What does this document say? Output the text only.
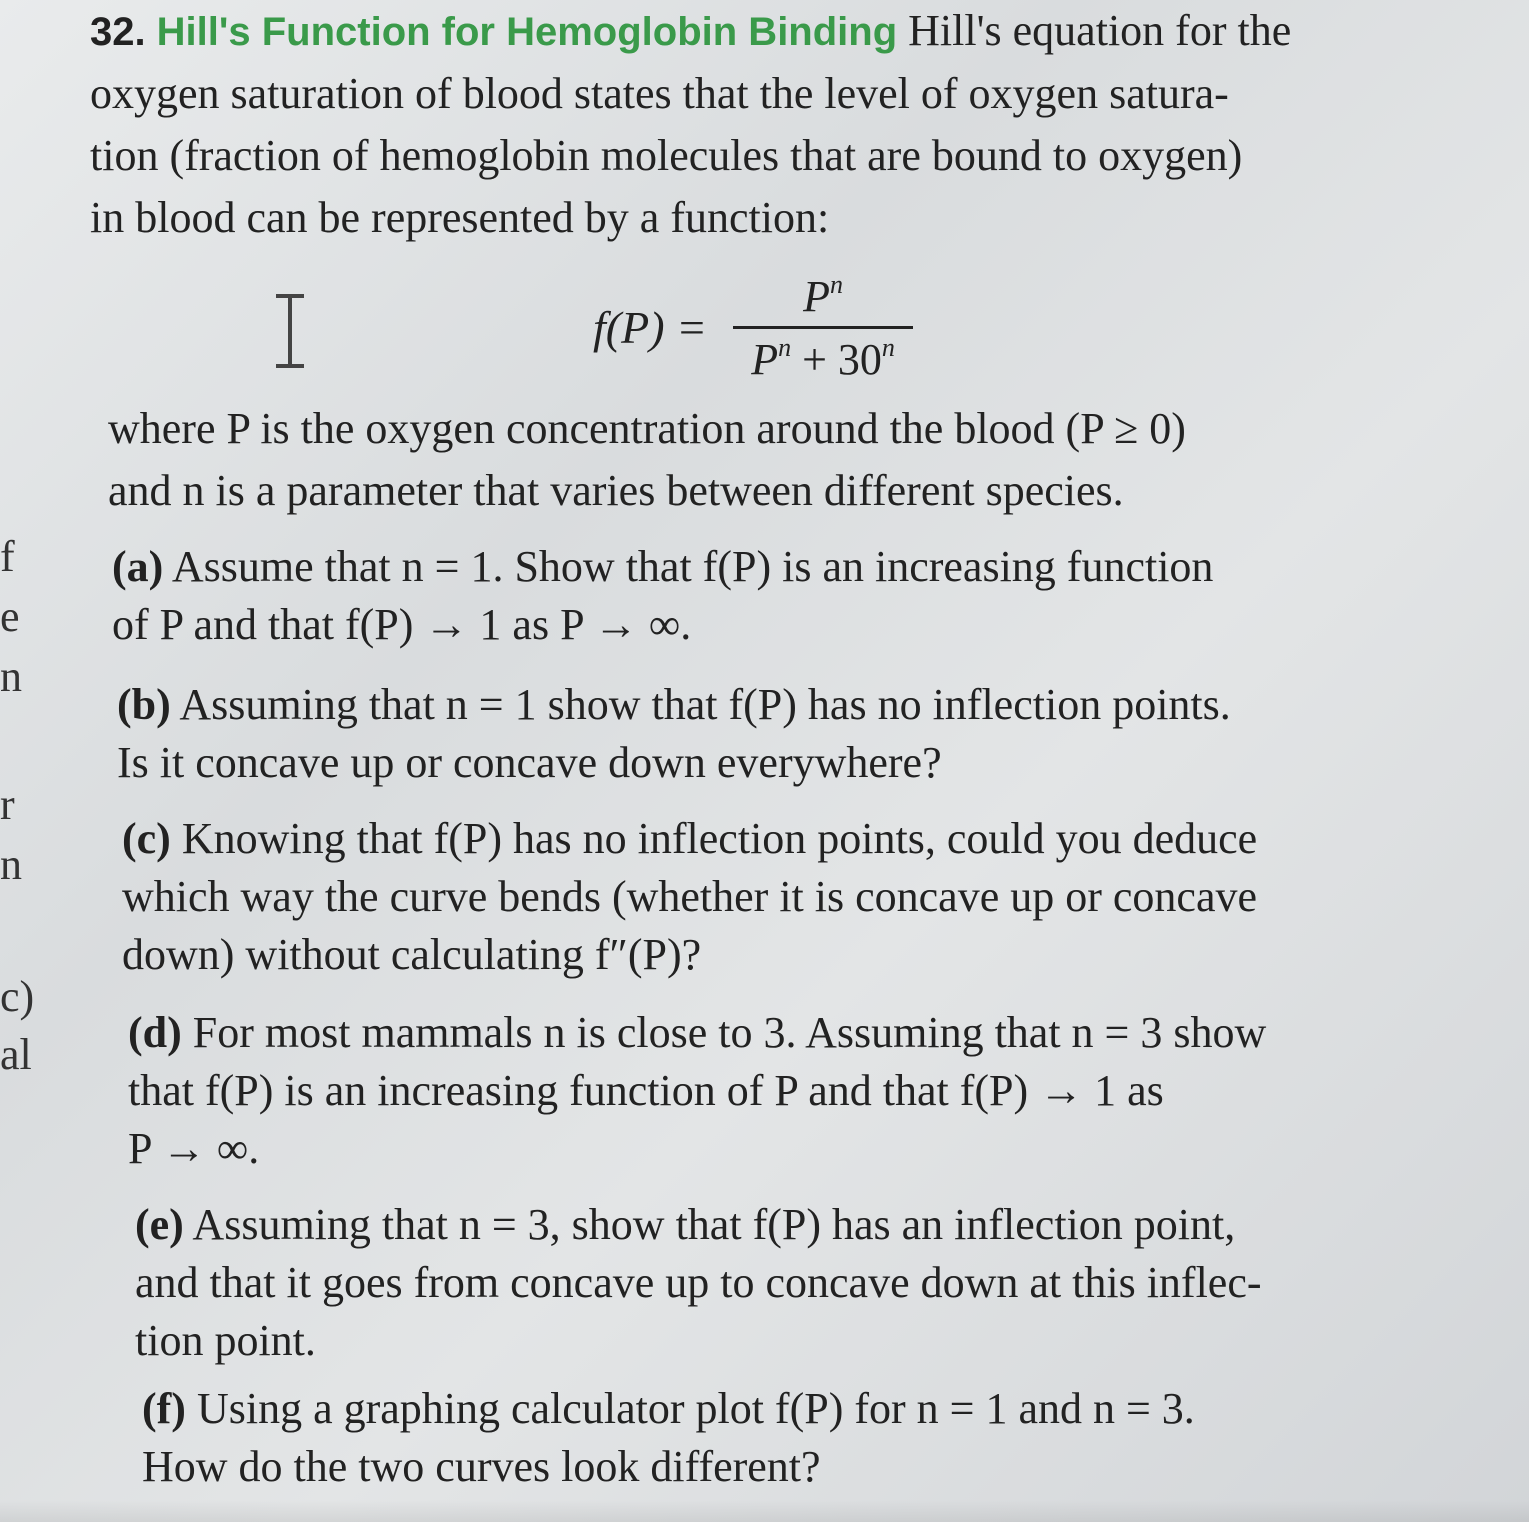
f
e
n
r
n
c)
al
32. Hill's Function for Hemoglobin Binding Hill's equation for the
oxygen saturation of blood states that the level of oxygen satura-
tion (fraction of hemoglobin molecules that are bound to oxygen)
in blood can be represented by a function:
$f(P) = \frac{P^n}{P^n + 30^n}$
where P is the oxygen concentration around the blood (P ≥ 0)
and n is a parameter that varies between different species.
(a) Assume that n = 1. Show that f(P) is an increasing function
of P and that f(P) → 1 as P → ∞.
(b) Assuming that n = 1 show that f(P) has no inflection points.
Is it concave up or concave down everywhere?
(c) Knowing that f(P) has no inflection points, could you deduce
which way the curve bends (whether it is concave up or concave
down) without calculating f″(P)?
(d) For most mammals n is close to 3. Assuming that n = 3 show
that f(P) is an increasing function of P and that f(P) → 1 as
P → ∞.
(e) Assuming that n = 3, show that f(P) has an inflection point,
and that it goes from concave up to concave down at this inflec-
tion point.
(f) Using a graphing calculator plot f(P) for n = 1 and n = 3.
How do the two curves look different?
